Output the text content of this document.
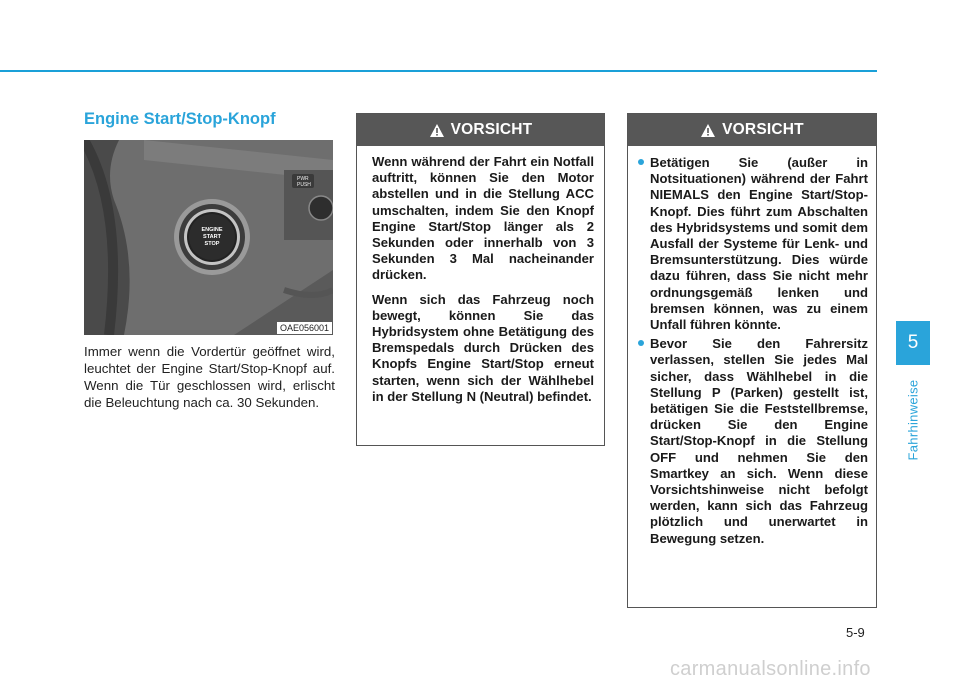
Engine Start/Stop-Knopf
PWR
PUSH
ENGINE
START
STOP
OAE056001

Immer wenn die Vordertür geöffnet wird, leuchtet der Engine Start/Stop-Knopf auf. Wenn die Tür geschlossen wird, erlischt die Beleuchtung nach ca. 30 Sekunden.

VORSICHT

Wenn während der Fahrt ein Notfall auftritt, können Sie den Motor abstellen und in die Stellung ACC umschalten, indem Sie den Knopf Engine Start/Stop länger als 2 Sekunden oder innerhalb von 3 Sekunden 3 Mal nacheinander drücken.

Wenn sich das Fahrzeug noch bewegt, können Sie das Hybridsystem ohne Betätigung des Bremspedals durch Drücken des Knopfs Engine Start/Stop erneut starten, wenn sich der Wählhebel in der Stellung N (Neutral) befindet.

VORSICHT
Betätigen Sie (außer in Notsituationen) während der Fahrt NIEMALS den Engine Start/Stop-Knopf. Dies führt zum Abschalten des Hybridsystems und somit dem Ausfall der Systeme für Lenk- und Bremsunterstützung. Dies würde dazu führen, dass Sie nicht mehr ordnungsgemäß lenken und bremsen können, was zu einem Unfall führen könnte.
Bevor Sie den Fahrersitz verlassen, stellen Sie jedes Mal sicher, dass Wählhebel in die Stellung P (Parken) gestellt ist, betätigen Sie die Feststellbremse, drücken Sie den Engine Start/Stop-Knopf in die Stellung OFF und nehmen Sie den Smartkey an sich. Wenn diese Vorsichtshinweise nicht befolgt werden, kann sich das Fahrzeug plötzlich und unerwartet in Bewegung setzen.
5
Fahrhinweise
5-9
carmanualsonline.info
